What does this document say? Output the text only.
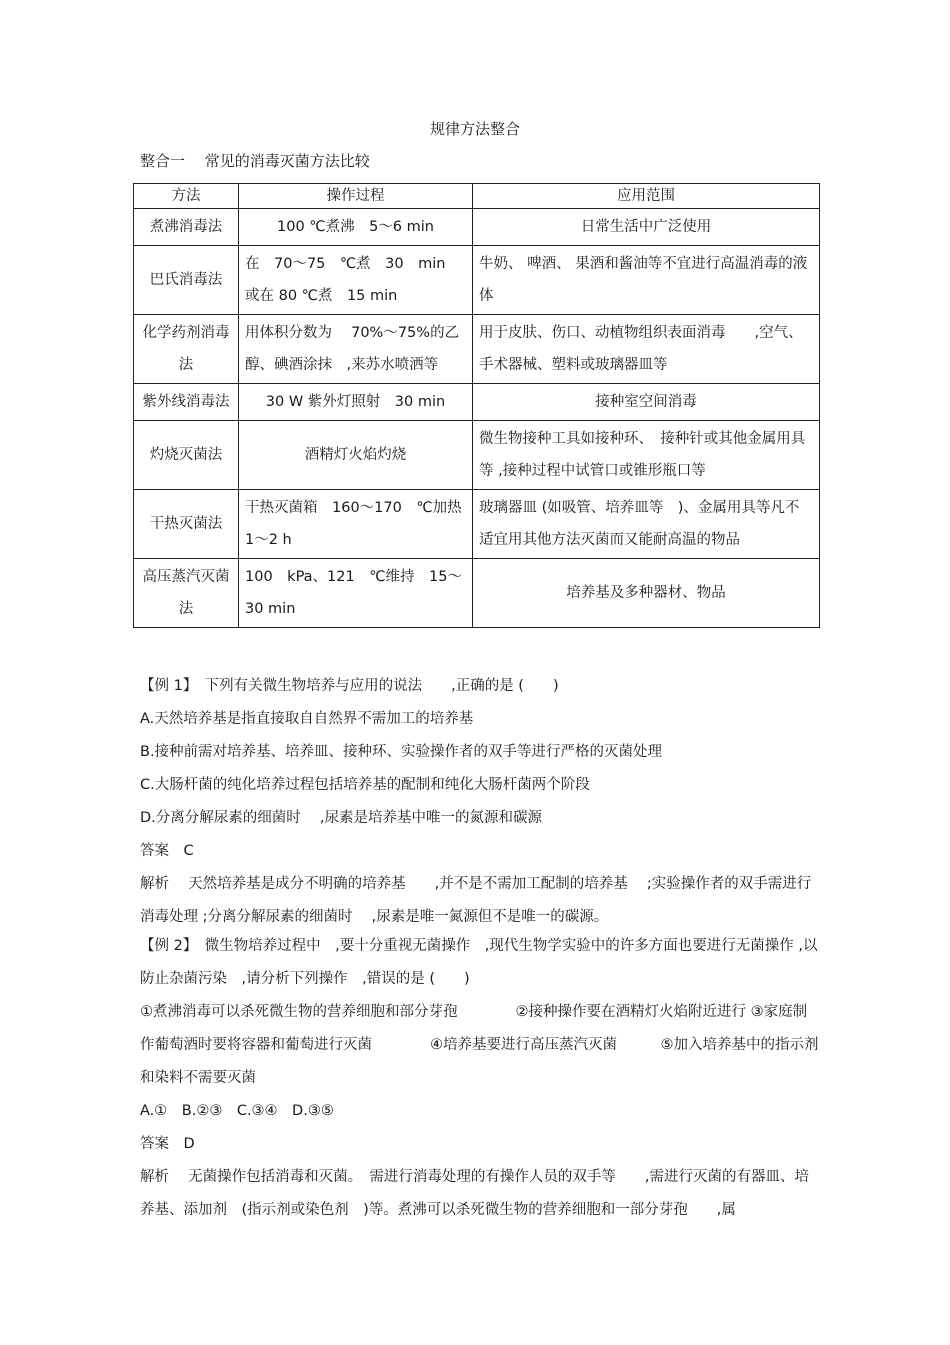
规律方法整合
整合一　 常见的消毒灭菌方法比较
方法	操作过程	应用范围
煮沸消毒法	100 ℃煮沸　5～6 min	日常生活中广泛使用
巴氏消毒法	在　70～75　℃煮　30　min　或在 80 ℃煮　15 min	牛奶、 啤酒、 果酒和酱油等不宜进行高温消毒的液体
化学药剂消毒法	用体积分数为　 70%～75%的乙醇、碘酒涂抹　,来苏水喷洒等	用于皮肤、伤口、动植物组织表面消毒　　,空气、手术器械、塑料或玻璃器皿等
紫外线消毒法	30 W 紫外灯照射　30 min	接种室空间消毒
灼烧灭菌法	酒精灯火焰灼烧	微生物接种工具如接种环、　接种针或其他金属用具等 ,接种过程中试管口或锥形瓶口等
干热灭菌法	干热灭菌箱　160～170　℃加热 1～2 h	玻璃器皿 (如吸管、培养皿等　)、金属用具等凡不适宜用其他方法灭菌而又能耐高温的物品
高压蒸汽灭菌法	100　kPa、121　℃维持　15～30 min	培养基及多种器材、物品

【例 1】　下列有关微生物培养与应用的说法　　,正确的是 (　　)

A.天然培养基是指直接取自自然界不需加工的培养基

B.接种前需对培养基、培养皿、接种环、实验操作者的双手等进行严格的灭菌处理

C.大肠杆菌的纯化培养过程包括培养基的配制和纯化大肠杆菌两个阶段

D.分离分解尿素的细菌时　 ,尿素是培养基中唯一的氮源和碳源

答案　C

解析　 天然培养基是成分不明确的培养基　　,并不是不需加工配制的培养基　 ;实验操作者的双手需进行消毒处理 ;分离分解尿素的细菌时　 ,尿素是唯一氮源但不是唯一的碳源。

【例 2】　微生物培养过程中　,要十分重视无菌操作　,现代生物学实验中的许多方面也要进行无菌操作 ,以防止杂菌污染　,请分析下列操作　,错误的是 (　　)

①煮沸消毒可以杀死微生物的营养细胞和部分芽孢　　　　②接种操作要在酒精灯火焰附近进行 ③家庭制作葡萄酒时要将容器和葡萄进行灭菌　　　　④培养基要进行高压蒸汽灭菌　　　⑤加入培养基中的指示剂和染料不需要灭菌

A.①　B.②③　C.③④　D.③⑤

答案　D

解析　 无菌操作包括消毒和灭菌。　需进行消毒处理的有操作人员的双手等　　,需进行灭菌的有器皿、培养基、添加剂　(指示剂或染色剂　)等。煮沸可以杀死微生物的营养细胞和一部分芽孢　　,属
